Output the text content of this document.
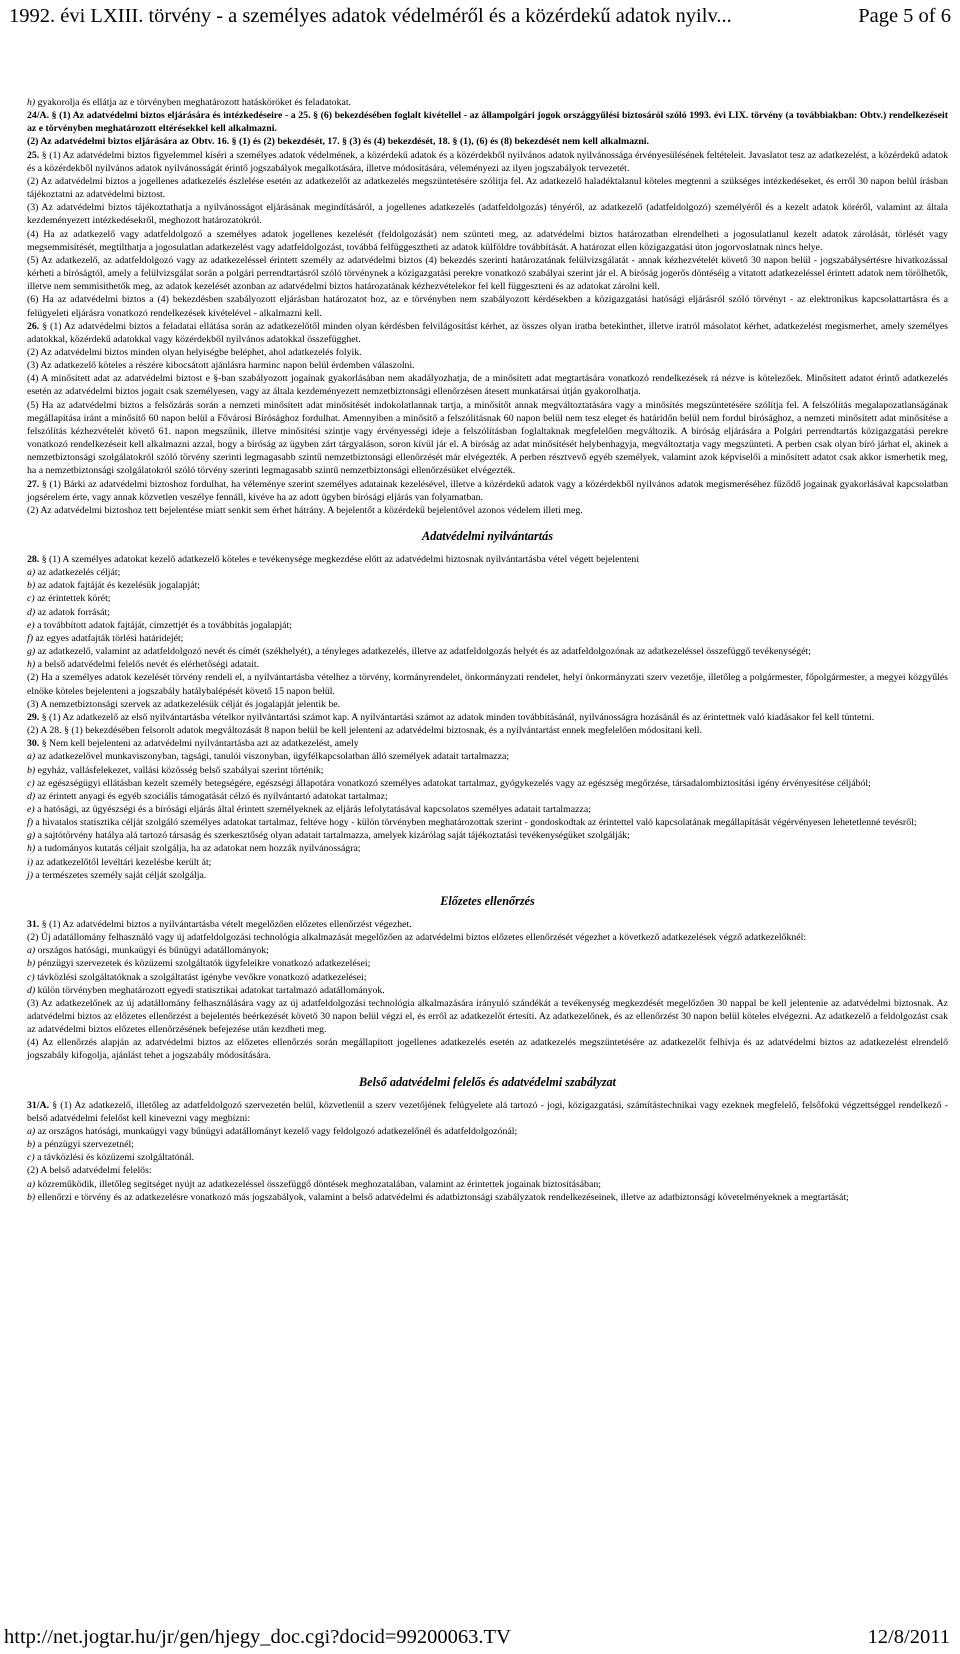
1992. évi LXIII. törvény - a személyes adatok védelméről és a közérdekű adatok nyilv...	Page 5 of 6

h) gyakorolja és ellátja az e törvényben meghatározott hatásköröket és feladatokat.

24/A. § (1) Az adatvédelmi biztos eljárására és intézkedéseire - a 25. § (6) bekezdésében foglalt kivétellel - az állampolgári jogok országgyűlési biztosáról szóló 1993. évi LIX. törvény (a továbbiakban: Obtv.) rendelkezéseit az e törvényben meghatározott eltérésekkel kell alkalmazni.

(2) Az adatvédelmi biztos eljárására az Obtv. 16. § (1) és (2) bekezdését, 17. § (3) és (4) bekezdését, 18. § (1), (6) és (8) bekezdését nem kell alkalmazni.

25. § (1) Az adatvédelmi biztos figyelemmel kíséri a személyes adatok védelmének, a közérdekű adatok és a közérdekből nyilvános adatok nyilvánossága érvényesülésének feltételeit. Javaslatot tesz az adatkezelést, a közérdekű adatok és a közérdekből nyilvános adatok nyilvánosságát érintő jogszabályok megalkotására, illetve módosítására, véleményezi az ilyen jogszabályok tervezetét.

(2) Az adatvédelmi biztos a jogellenes adatkezelés észlelése esetén az adatkezelőt az adatkezelés megszüntetésére szólítja fel. Az adatkezelő haladéktalanul köteles megtenni a szükséges intézkedéseket, és erről 30 napon belül írásban tájékoztatni az adatvédelmi biztost.

(3) Az adatvédelmi biztos tájékoztathatja a nyilvánosságot eljárásának megindításáról, a jogellenes adatkezelés (adatfeldolgozás) tényéről, az adatkezelő (adatfeldolgozó) személyéről és a kezelt adatok köréről, valamint az általa kezdeményezett intézkedésekről, meghozott határozatokról.

(4) Ha az adatkezelő vagy adatfeldolgozó a személyes adatok jogellenes kezelését (feldolgozását) nem szünteti meg, az adatvédelmi biztos határozatban elrendelheti a jogosulatlanul kezelt adatok zárolását, törlését vagy megsemmisítését, megtilthatja a jogosulatlan adatkezelést vagy adatfeldolgozást, továbbá felfüggesztheti az adatok külföldre továbbítását. A határozat ellen közigazgatási úton jogorvoslatnak nincs helye.

(5) Az adatkezelő, az adatfeldolgozó vagy az adatkezeléssel érintett személy az adatvédelmi biztos (4) bekezdés szerinti határozatának felülvizsgálatát - annak kézhezvételét követő 30 napon belül - jogszabálysértésre hivatkozással kérheti a bíróságtól, amely a felülvizsgálat során a polgári perrendtartásról szóló törvénynek a közigazgatási perekre vonatkozó szabályai szerint jár el. A bíróság jogerős döntéséig a vitatott adatkezeléssel érintett adatok nem törölhetők, illetve nem semmisíthetők meg, az adatok kezelését azonban az adatvédelmi biztos határozatának kézhezvételekor fel kell függeszteni és az adatokat zárolni kell.

(6) Ha az adatvédelmi biztos a (4) bekezdésben szabályozott eljárásban határozatot hoz, az e törvényben nem szabályozott kérdésekben a közigazgatási hatósági eljárásról szóló törvényt - az elektronikus kapcsolattartásra és a felügyeleti eljárásra vonatkozó rendelkezések kivételével - alkalmazni kell.

26. § (1) Az adatvédelmi biztos a feladatai ellátása során az adatkezelőtől minden olyan kérdésben felvilágosítást kérhet, az összes olyan iratba betekinthet, illetve iratról másolatot kérhet, adatkezelést megismerhet, amely személyes adatokkal, közérdekű adatokkal vagy közérdekből nyilvános adatokkal összefügghet.

(2) Az adatvédelmi biztos minden olyan helyiségbe beléphet, ahol adatkezelés folyik.

(3) Az adatkezelő köteles a részére kibocsátott ajánlásra harminc napon belül érdemben válaszolni.

(4) A minősített adat az adatvédelmi biztost e §-ban szabályozott jogainak gyakorlásában nem akadályozhatja, de a minősített adat megtartására vonatkozó rendelkezések rá nézve is kötelezőek. Minősített adatot érintő adatkezelés esetén az adatvédelmi biztos jogait csak személyesen, vagy az általa kezdeményezett nemzetbiztonsági ellenőrzésen átesett munkatársai útján gyakorolhatja.

(5) Ha az adatvédelmi biztos a felsőzárás során a nemzeti minősített adat minősítését indokolatlannak tartja, a minősítőt annak megváltoztatására vagy a minősítés megszüntetésére szólítja fel. A felszólítás megalapozatlanságának megállapítása iránt a minősítő 60 napon belül a Fővárosi Bírósághoz fordulhat. Amennyiben a minősítő a felszólításnak 60 napon belül nem tesz eleget és határidőn belül nem fordul bírósághoz, a nemzeti minősített adat minősítése a felszólítás kézhezvételét követő 61. napon megszűnik, illetve minősítési szintje vagy érvényességi ideje a felszólításban foglaltaknak megfelelően megváltozik. A bíróság eljárására a Polgári perrendtartás közigazgatási perekre vonatkozó rendelkezéseit kell alkalmazni azzal, hogy a bíróság az ügyben zárt tárgyaláson, soron kívül jár el. A bíróság az adat minősítését helybenhagyja, megváltoztatja vagy megszünteti. A perben csak olyan bíró járhat el, akinek a nemzetbiztonsági szolgálatokról szóló törvény szerinti legmagasabb szintű nemzetbiztonsági ellenőrzését már elvégezték. A perben résztvevő egyéb személyek, valamint azok képviselői a minősített adatot csak akkor ismerhetik meg, ha a nemzetbiztonsági szolgálatokról szóló törvény szerinti legmagasabb szintű nemzetbiztonsági ellenőrzésüket elvégezték.

27. § (1) Bárki az adatvédelmi biztoshoz fordulhat, ha véleménye szerint személyes adatainak kezelésével, illetve a közérdekű adatok vagy a közérdekből nyilvános adatok megismeréséhez fűződő jogainak gyakorlásával kapcsolatban jogsérelem érte, vagy annak közvetlen veszélye fennáll, kivéve ha az adott ügyben bírósági eljárás van folyamatban.

(2) Az adatvédelmi biztoshoz tett bejelentése miatt senkit sem érhet hátrány. A bejelentőt a közérdekű bejelentővel azonos védelem illeti meg.

Adatvédelmi nyilvántartás

28. § (1) A személyes adatokat kezelő adatkezelő köteles e tevékenysége megkezdése előtt az adatvédelmi biztosnak nyilvántartásba vétel végett bejelenteni

a) az adatkezelés célját;

b) az adatok fajtáját és kezelésük jogalapját;

c) az érintettek körét;

d) az adatok forrását;

e) a továbbított adatok fajtáját, címzettjét és a továbbítás jogalapját;

f) az egyes adatfajták törlési határidejét;

g) az adatkezelő, valamint az adatfeldolgozó nevét és címét (székhelyét), a tényleges adatkezelés, illetve az adatfeldolgozás helyét és az adatfeldolgozónak az adatkezeléssel összefüggő tevékenységét;

h) a belső adatvédelmi felelős nevét és elérhetőségi adatait.

(2) Ha a személyes adatok kezelését törvény rendeli el, a nyilvántartásba vételhez a törvény, kormányrendelet, önkormányzati rendelet, helyi önkormányzati szerv vezetője, illetőleg a polgármester, főpolgármester, a megyei közgyűlés elnöke köteles bejelenteni a jogszabály hatálybalépését követő 15 napon belül.

(3) A nemzetbiztonsági szervek az adatkezelésük célját és jogalapját jelentik be.

29. § (1) Az adatkezelő az első nyilvántartásba vételkor nyilvántartási számot kap. A nyilvántartási számot az adatok minden továbbításánál, nyilvánosságra hozásánál és az érintettnek való kiadásakor fel kell tüntetni.

(2) A 28. § (1) bekezdésében felsorolt adatok megváltozását 8 napon belül be kell jelenteni az adatvédelmi biztosnak, és a nyilvántartást ennek megfelelően módosítani kell.

30. § Nem kell bejelenteni az adatvédelmi nyilvántartásba azt az adatkezelést, amely

a) az adatkezelővel munkaviszonyban, tagsági, tanulói viszonyban, ügyfélkapcsolatban álló személyek adatait tartalmazza;

b) egyház, vallásfelekezet, vallási közösség belső szabályai szerint történik;

c) az egészségügyi ellátásban kezelt személy betegségére, egészségi állapotára vonatkozó személyes adatokat tartalmaz, gyógykezelés vagy az egészség megőrzése, társadalombiztosítási igény érvényesítése céljából;

d) az érintett anyagi és egyéb szociális támogatását célzó és nyilvántartó adatokat tartalmaz;

e) a hatósági, az ügyészségi és a bírósági eljárás által érintett személyeknek az eljárás lefolytatásával kapcsolatos személyes adatait tartalmazza;

f) a hivatalos statisztika célját szolgáló személyes adatokat tartalmaz, feltéve hogy - külön törvényben meghatározottak szerint - gondoskodtak az érintettel való kapcsolatának megállapítását végérvényesen lehetetlenné tevésről;

g) a sajtótörvény hatálya alá tartozó társaság és szerkesztőség olyan adatait tartalmazza, amelyek kizárólag saját tájékoztatási tevékenységüket szolgálják;

h) a tudományos kutatás céljait szolgálja, ha az adatokat nem hozzák nyilvánosságra;

i) az adatkezelőtől levéltári kezelésbe került át;

j) a természetes személy saját célját szolgálja.

Előzetes ellenőrzés

31. § (1) Az adatvédelmi biztos a nyilvántartásba vételt megelőzően előzetes ellenőrzést végezhet.

(2) Új adatállomány felhasználó vagy új adatfeldolgozási technológia alkalmazását megelőzően az adatvédelmi biztos előzetes ellenőrzését végezhet a következő adatkezelések végző adatkezelőknél:

a) országos hatósági, munkaügyi és bűnügyi adatállományok;

b) pénzügyi szervezetek és közüzemi szolgáltatók ügyfeleikre vonatkozó adatkezelései;

c) távközlési szolgáltatóknak a szolgáltatást igénybe vevőkre vonatkozó adatkezelései;

d) külön törvényben meghatározott egyedi statisztikai adatokat tartalmazó adatállományok.

(3) Az adatkezelőnek az új adatállomány felhasználására vagy az új adatfeldolgozási technológia alkalmazására irányuló szándékát a tevékenység megkezdését megelőzően 30 nappal be kell jelentenie az adatvédelmi biztosnak. Az adatvédelmi biztos az előzetes ellenőrzést a bejelentés beérkezését követő 30 napon belül végzi el, és erről az adatkezelőt értesíti. Az adatkezelőnek, és az ellenőrzést 30 napon belül köteles elvégezni. Az adatkezelő a feldolgozást csak az adatvédelmi biztos előzetes ellenőrzésének befejezése után kezdheti meg.

(4) Az ellenőrzés alapján az adatvédelmi biztos az előzetes ellenőrzés során megállapított jogellenes adatkezelés esetén az adatkezelés megszüntetésére az adatkezelőt felhívja és az adatvédelmi biztos az adatkezelést elrendelő jogszabály kifogolja, ajánlást tehet a jogszabály módosítására.

Belső adatvédelmi felelős és adatvédelmi szabályzat

31/A. § (1) Az adatkezelő, illetőleg az adatfeldolgozó szervezetén belül, közvetlenül a szerv vezetőjének felügyelete alá tartozó - jogi, közigazgatási, számítástechnikai vagy ezeknek megfelelő, felsőfokú végzettséggel rendelkező - belső adatvédelmi felelőst kell kinevezni vagy megbízni:

a) az országos hatósági, munkaügyi vagy bűnügyi adatállományt kezelő vagy feldolgozó adatkezelőnél és adatfeldolgozónál;

b) a pénzügyi szervezetnél;

c) a távközlési és közüzemi szolgáltatónál.

(2) A belső adatvédelmi felelős:

a) közreműködik, illetőleg segítséget nyújt az adatkezeléssel összefüggő döntések meghozatalában, valamint az érintettek jogainak biztosításában;

b) ellenőrzi e törvény és az adatkezelésre vonatkozó más jogszabályok, valamint a belső adatvédelmi és adatbiztonsági szabályzatok rendelkezéseinek, illetve az adatbiztonsági követelményeknek a megtartását;

http://net.jogtar.hu/jr/gen/hjegy_doc.cgi?docid=99200063.TV	12/8/2011
